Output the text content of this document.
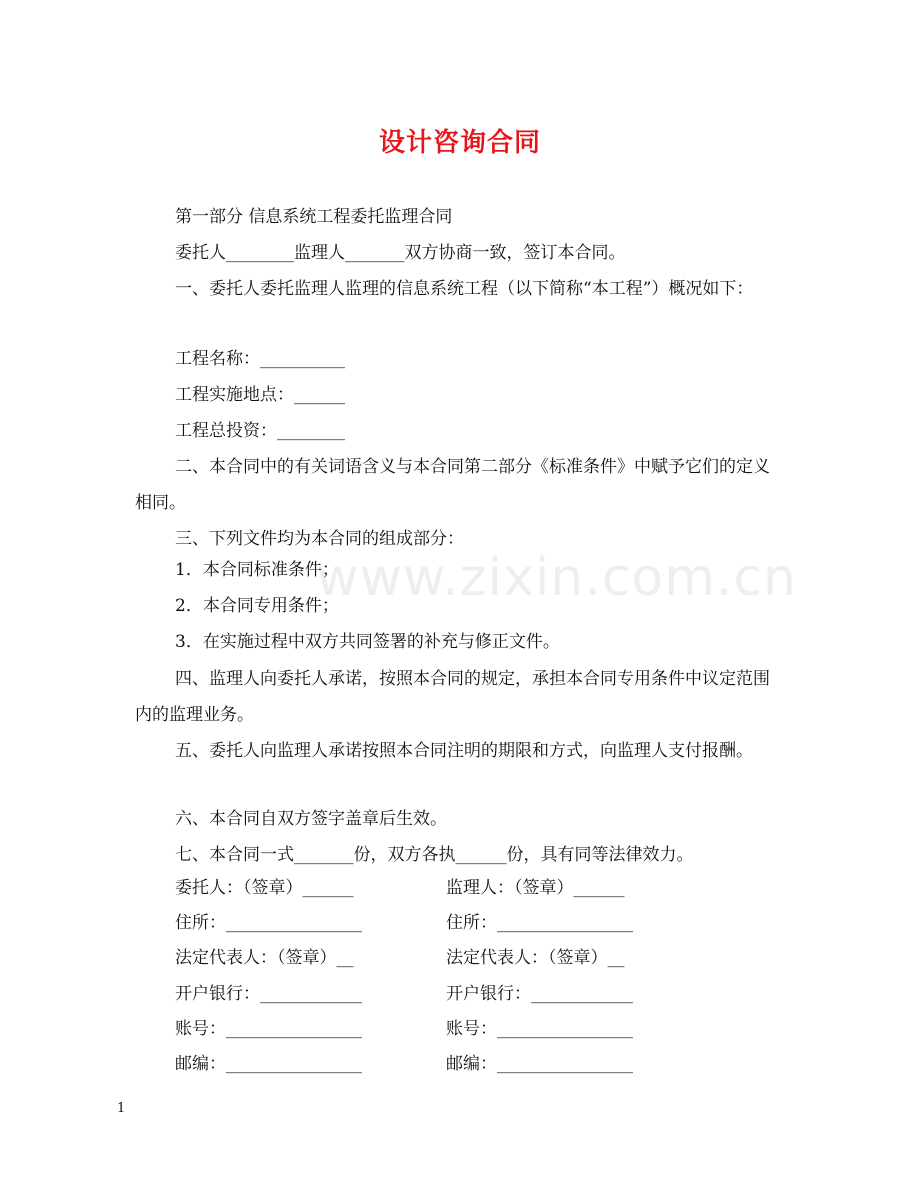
设计咨询合同
第一部分 信息系统工程委托监理合同
委托人________监理人_______双方协商一致，签订本合同。
一、委托人委托监理人监理的信息系统工程（以下简称“本工程”）概况如下：
工程名称：__________
工程实施地点：______
工程总投资：________
二、本合同中的有关词语含义与本合同第二部分《标准条件》中赋予它们的定义相同。
三、下列文件均为本合同的组成部分：
1．本合同标准条件；
2．本合同专用条件；
3．在实施过程中双方共同签署的补充与修正文件。
四、监理人向委托人承诺，按照本合同的规定，承担本合同专用条件中议定范围内的监理业务。
五、委托人向监理人承诺按照本合同注明的期限和方式，向监理人支付报酬。
六、本合同自双方签字盖章后生效。
七、本合同一式_______份，双方各执______份，具有同等法律效力。
委托人：（签章）______	监理人：（签章）______
住所：________________	住所：________________
法定代表人：（签章）__	法定代表人：（签章）__
开户银行：____________	开户银行：____________
账号：________________	账号：________________
邮编：________________	邮编：________________
www.zixin.com.cn
1
